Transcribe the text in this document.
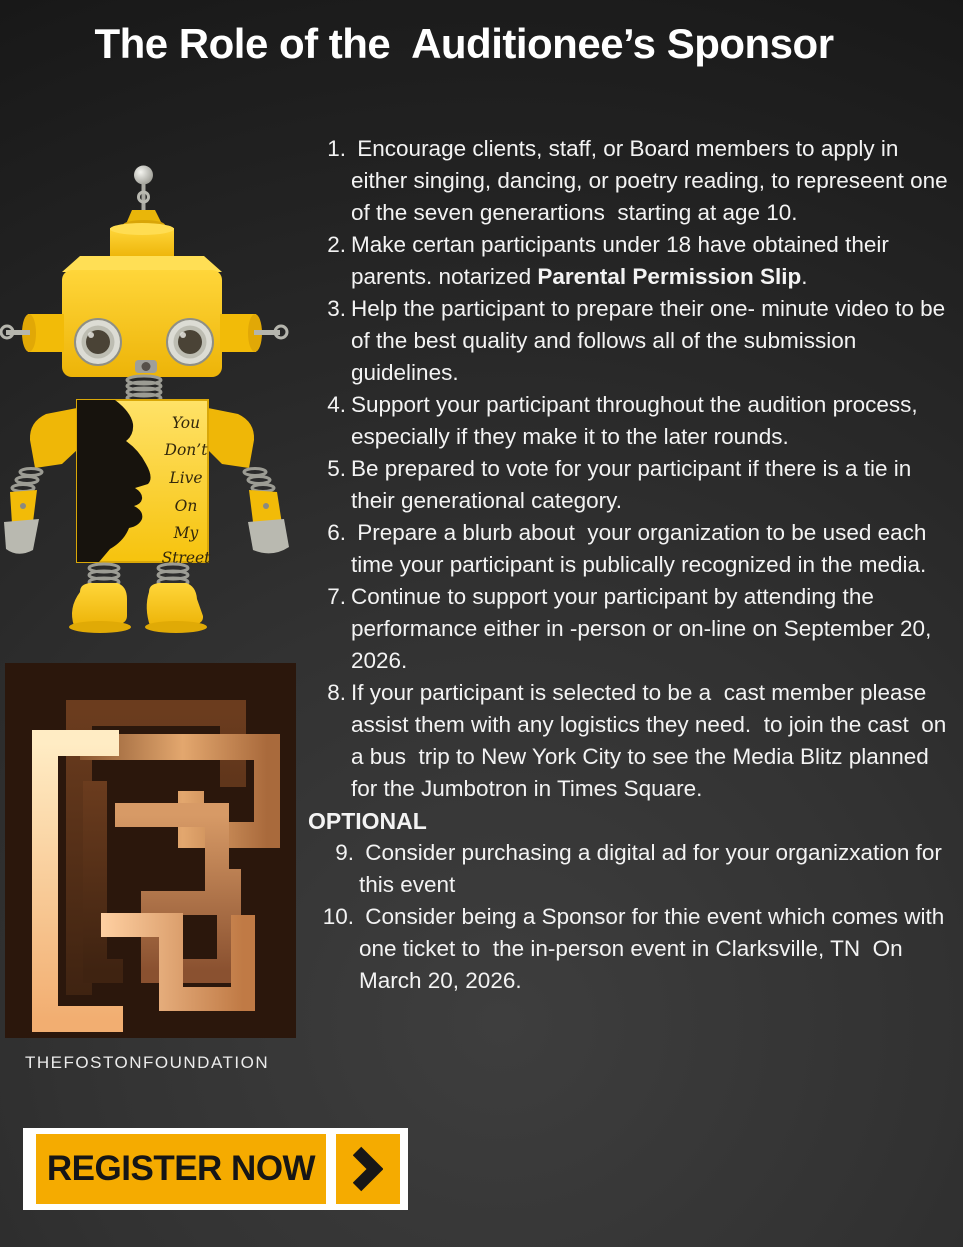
The Role of the  Auditionee’s Sponsor
You
Don’t
Live
On
My
Street
THEFOSTONFOUNDATION
1. Encourage clients, staff, or Board members to apply in either singing, dancing, or poetry reading, to represeent one of the seven generartions  starting at age 10.
2. Make certan participants under 18 have obtained their parents. notarized Parental Permission Slip.
3. Help the participant to prepare their one- minute video to be  of the best quality and follows all of the submission guidelines.
4. Support your participant throughout the audition process, especially if they make it to the later rounds.
5. Be prepared to vote for your participant if there is a tie in their generational category.
6. Prepare a blurb about  your organization to be used each  time your participant is publically recognized in the media.
7. Continue to support your participant by attending the performance either in -person or on-line on September 20, 2026.
8. If your participant is selected to be a  cast member please  assist them with any logistics they need.  to join the cast  on a bus  trip to New York City to see the Media Blitz planned for the Jumbotron in Times Square.
OPTIONAL
9. Consider purchasing a digital ad for your organizxation for this event
10. Consider being a Sponsor for thie event which comes with one ticket to  the in-person event in Clarksville, TN  On March 20, 2026.
REGISTER NOW
